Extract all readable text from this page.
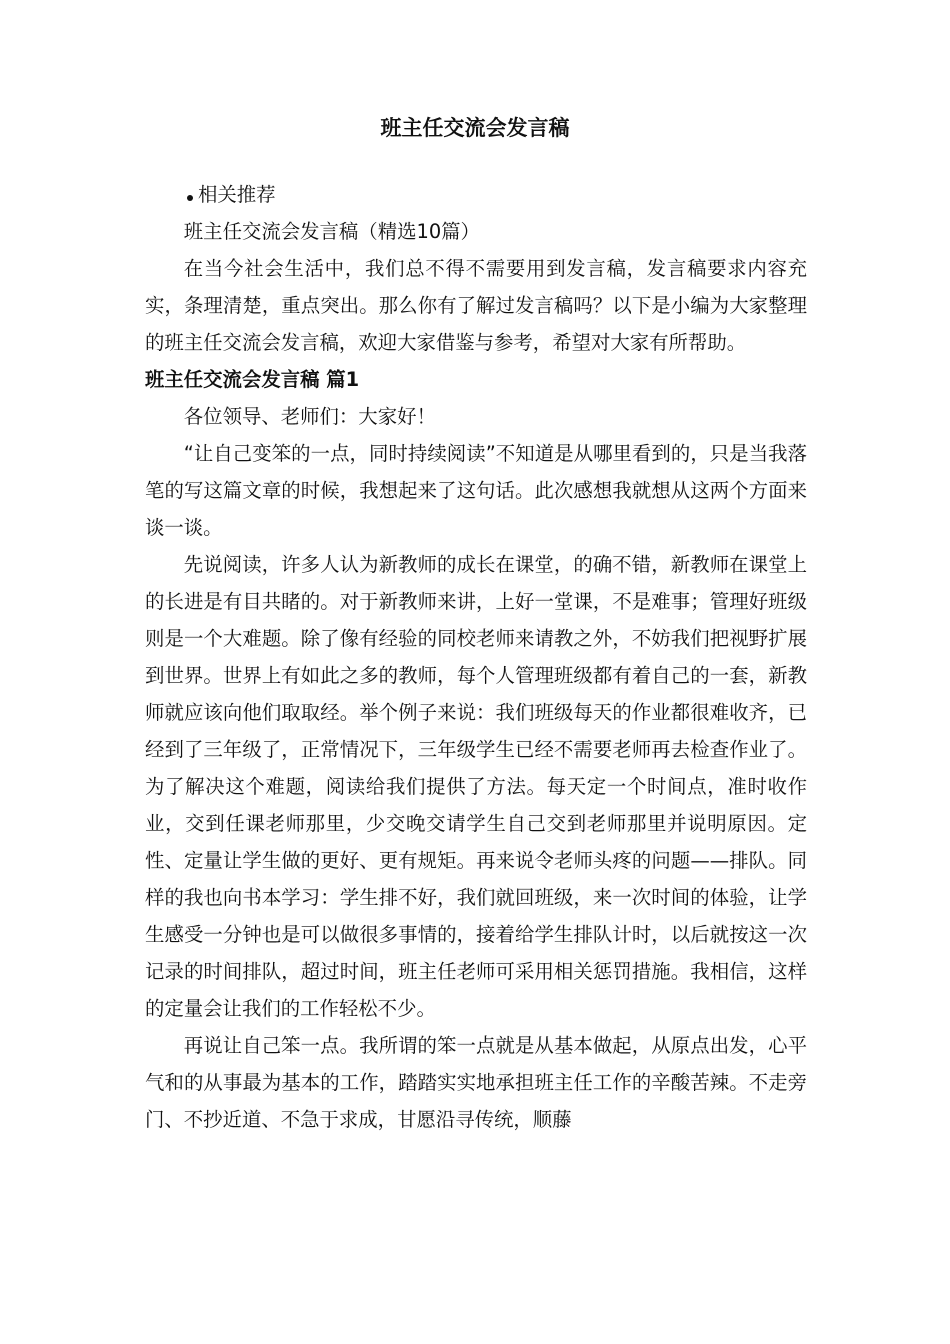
班主任交流会发言稿

相关推荐

班主任交流会发言稿（精选10篇）

在当今社会生活中，我们总不得不需要用到发言稿，发言稿要求内容充实，条理清楚，重点突出。那么你有了解过发言稿吗？以下是小编为大家整理的班主任交流会发言稿，欢迎大家借鉴与参考，希望对大家有所帮助。

班主任交流会发言稿 篇1

各位领导、老师们：大家好！

“让自己变笨的一点，同时持续阅读”不知道是从哪里看到的，只是当我落笔的写这篇文章的时候，我想起来了这句话。此次感想我就想从这两个方面来谈一谈。

先说阅读，许多人认为新教师的成长在课堂，的确不错，新教师在课堂上的长进是有目共睹的。对于新教师来讲，上好一堂课，不是难事；管理好班级则是一个大难题。除了像有经验的同校老师来请教之外，不妨我们把视野扩展到世界。世界上有如此之多的教师，每个人管理班级都有着自己的一套，新教师就应该向他们取取经。举个例子来说：我们班级每天的作业都很难收齐，已经到了三年级了，正常情况下，三年级学生已经不需要老师再去检查作业了。为了解决这个难题，阅读给我们提供了方法。每天定一个时间点，准时收作业，交到任课老师那里，少交晚交请学生自己交到老师那里并说明原因。定性、定量让学生做的更好、更有规矩。再来说令老师头疼的问题——排队。同样的我也向书本学习：学生排不好，我们就回班级，来一次时间的体验，让学生感受一分钟也是可以做很多事情的，接着给学生排队计时，以后就按这一次记录的时间排队，超过时间，班主任老师可采用相关惩罚措施。我相信，这样的定量会让我们的工作轻松不少。

再说让自己笨一点。我所谓的笨一点就是从基本做起，从原点出发，心平气和的从事最为基本的工作，踏踏实实地承担班主任工作的辛酸苦辣。不走旁门、不抄近道、不急于求成，甘愿沿寻传统，顺藤
